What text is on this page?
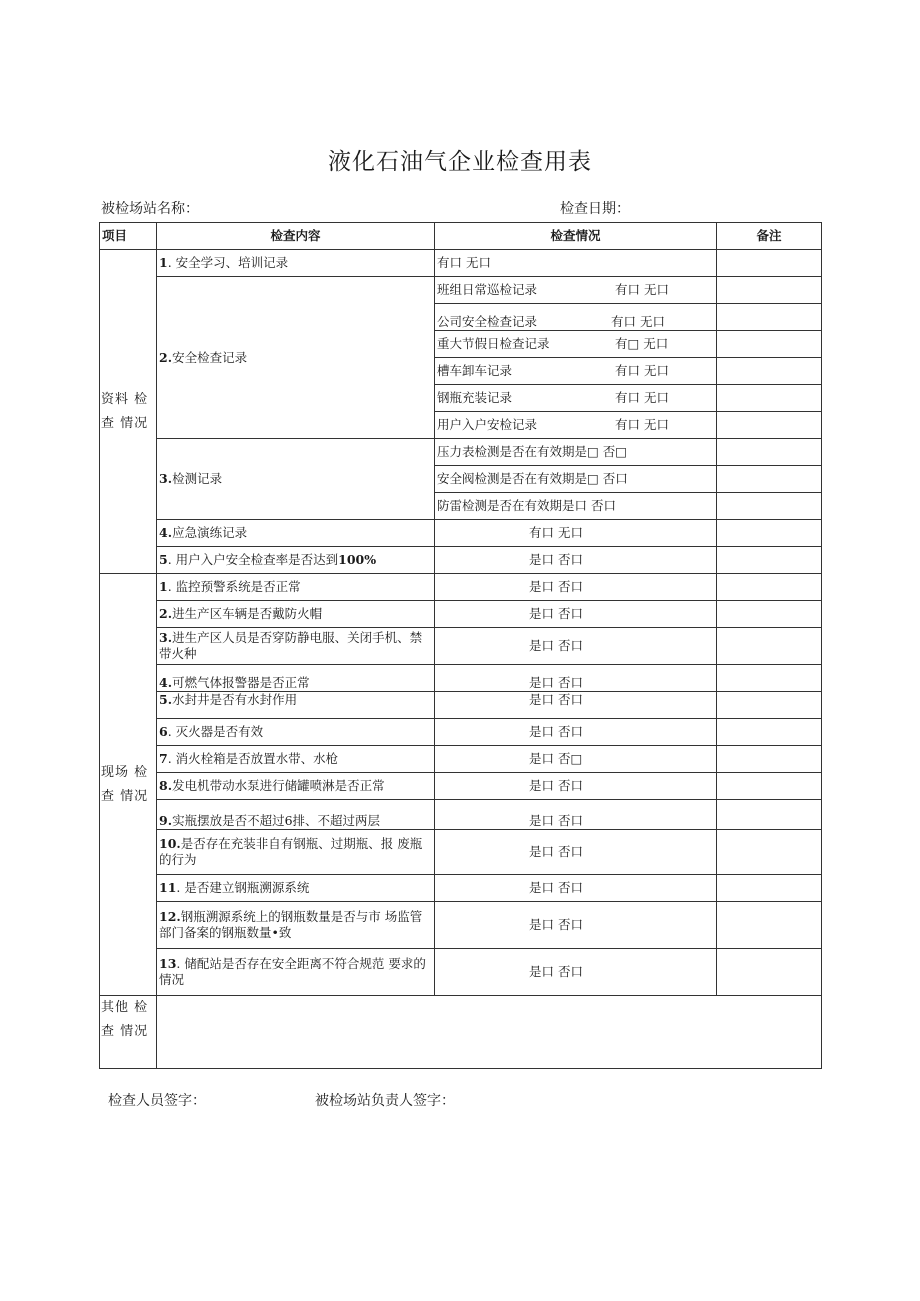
液化石油气企业检查用表
被检场站名称：	检查日期：
项目	检查内容	检查情况	备注

资料 检
查 情况	1. 安全学习、培训记录	有口 无口	
	2.安全检查记录	班组日常巡检记录 有口 无口	
		公司安全检查记录 有口 无口	
		重大节假日检查记录 有□ 无口	
		槽车卸车记录 有口 无口	
		钢瓶充装记录 有口 无口	
		用户入户安检记录 有口 无口	
	3.检测记录	压力表检测是否在有效期是□ 否□	
		安全阀检测是否在有效期是□ 否口	
		防雷检测是否在有效期是口 否口	
	4.应急演练记录	有口 无口	
	5. 用户入户安全检查率是否达到100%	是口 否口	

现场 检
查 情况	1. 监控预警系统是否正常	是口 否口	
	2.进生产区车辆是否戴防火帽	是口 否口	
	3.进生产区人员是否穿防静电服、关闭手机、禁带火种	是口 否口	
	4.可燃气体报警器是否正常	是口 否口	
	5.水封井是否有水封作用	是口 否口	
	6. 灭火器是否有效	是口 否口	
	7. 消火栓箱是否放置水带、水枪	是口 否□	
	8.发电机带动水泵进行储罐喷淋是否正常	是口 否口	
	9.实瓶摆放是否不超过6排、不超过两层	是口 否口	
	10.是否存在充装非自有钢瓶、过期瓶、报 废瓶的行为	是口 否口	
	11. 是否建立钢瓶溯源系统	是口 否口	
	12.钢瓶溯源系统上的钢瓶数量是否与市 场监管部门备案的钢瓶数量•致	是口 否口	
	13. 储配站是否存在安全距离不符合规范 要求的情况	是口 否口	

其他 检
查 情况			

检查人员签字：	被检场站负责人签字：
